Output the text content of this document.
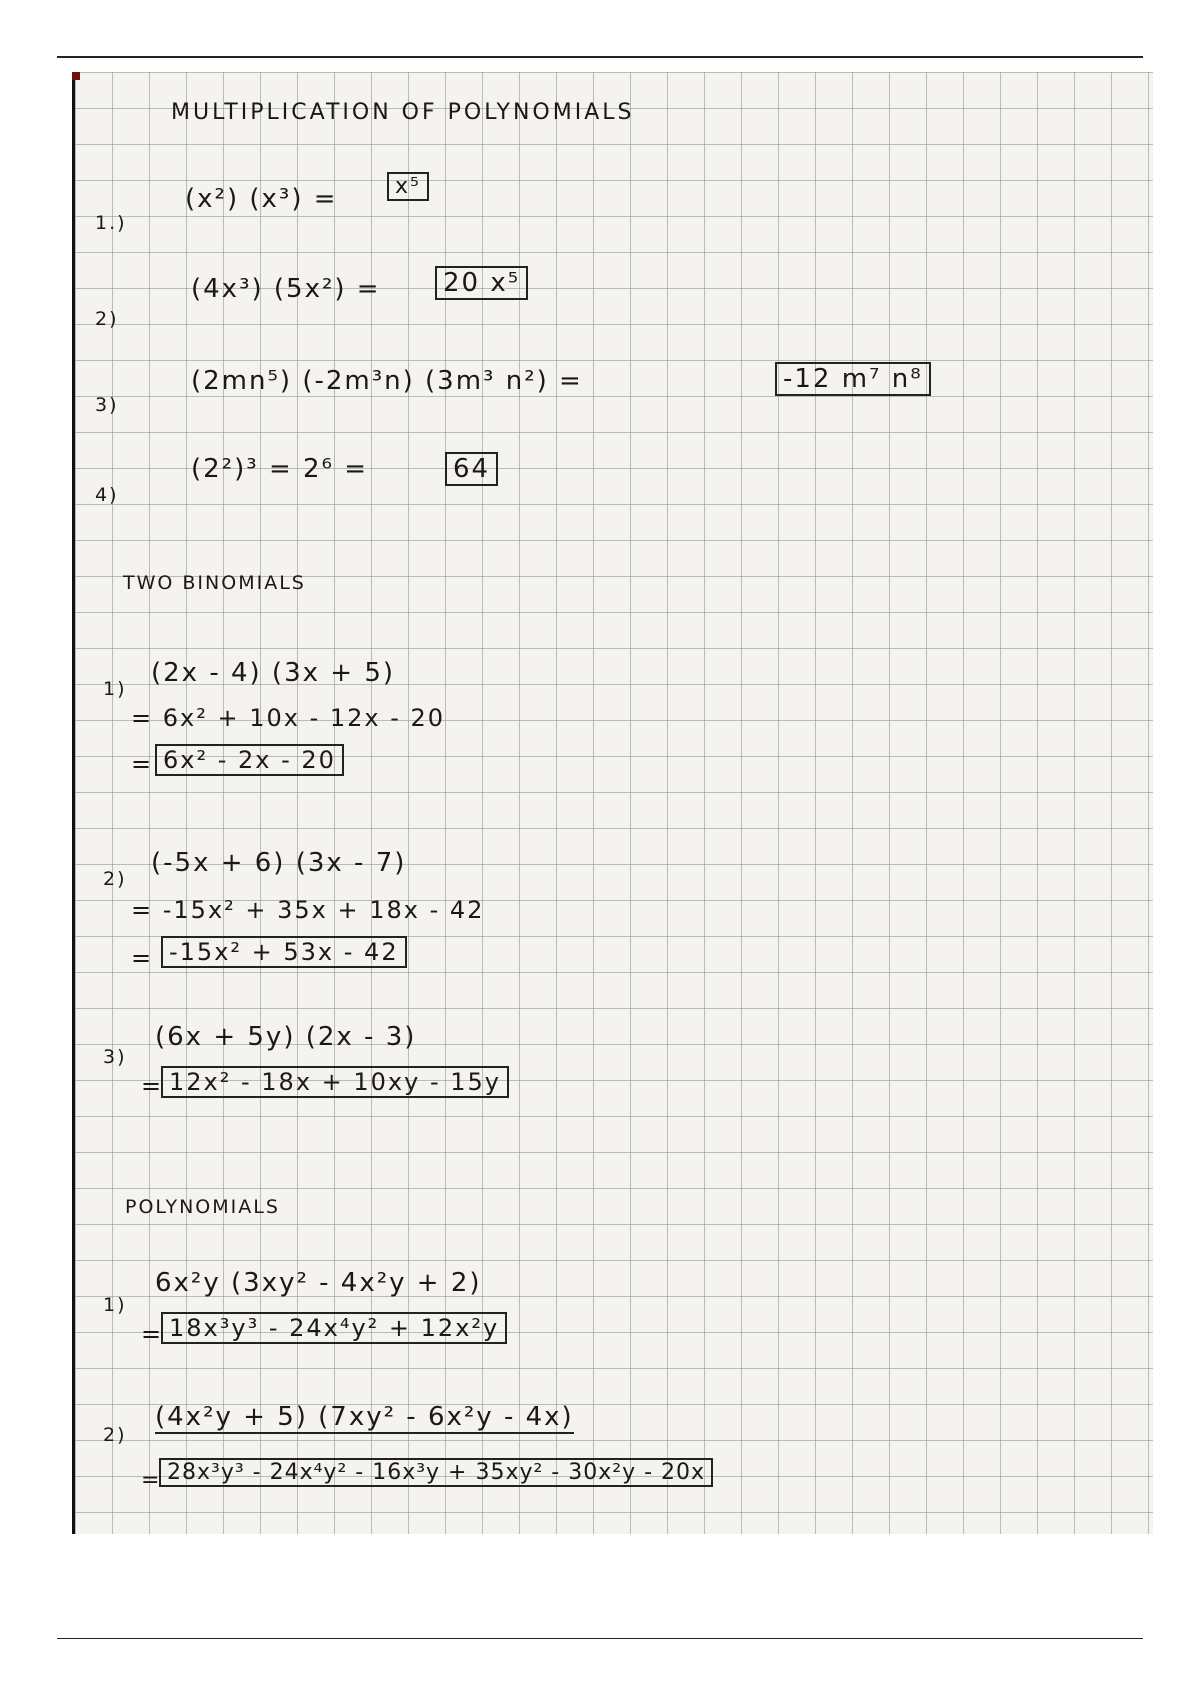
MULTIPLICATION OF POLYNOMIALS
1.)
(x²) (x³) =	x⁵
2)
(4x³) (5x²) =	20 x⁵
3)
(2mn⁵) (-2m³n) (3m³ n²) =	-12 m⁷ n⁸
4)
(2²)³ = 2⁶ =	64
TWO BINOMIALS
1)
(2x - 4) (3x + 5)
= 6x² + 10x - 12x - 20
= 6x² - 2x - 20
2)
(-5x + 6) (3x - 7)
= -15x² + 35x + 18x - 42
= -15x² + 53x - 42
3)
(6x + 5y) (2x - 3)
= 12x² - 18x + 10xy - 15y
POLYNOMIALS
1)
6x²y (3xy² - 4x²y + 2)
= 18x³y³ - 24x⁴y² + 12x²y
2)
(4x²y + 5) (7xy² - 6x²y - 4x)
= 28x³y³ - 24x⁴y² - 16x³y + 35xy² - 30x²y - 20x
